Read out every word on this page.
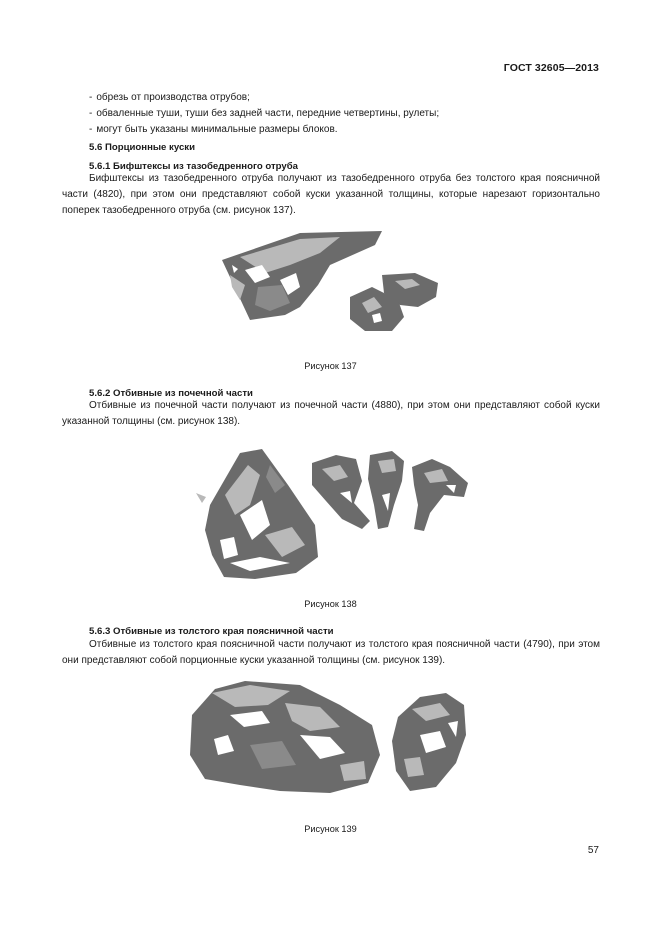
ГОСТ 32605—2013
- обрезь от производства отрубов;
- обваленные туши, туши без задней части, передние четвертины, рулеты;
- могут быть указаны минимальные размеры блоков.
5.6 Порционные куски
5.6.1 Бифштексы из тазобедренного отруба
Бифштексы из тазобедренного отруба получают из тазобедренного отруба без толстого края поясничной части (4820), при этом они представляют собой куски указанной толщины, которые нарезают горизонтально поперек тазобедренного отруба (см. рисунок 137).
Рисунок 137
5.6.2 Отбивные из почечной части
Отбивные из почечной части получают из почечной части (4880), при этом они представляют собой куски указанной толщины (см. рисунок 138).
Рисунок 138
5.6.3 Отбивные из толстого края поясничной части
Отбивные из толстого края поясничной части получают из толстого края поясничной части (4790), при этом они представляют собой порционные куски указанной толщины (см. рисунок 139).
Рисунок 139
57
